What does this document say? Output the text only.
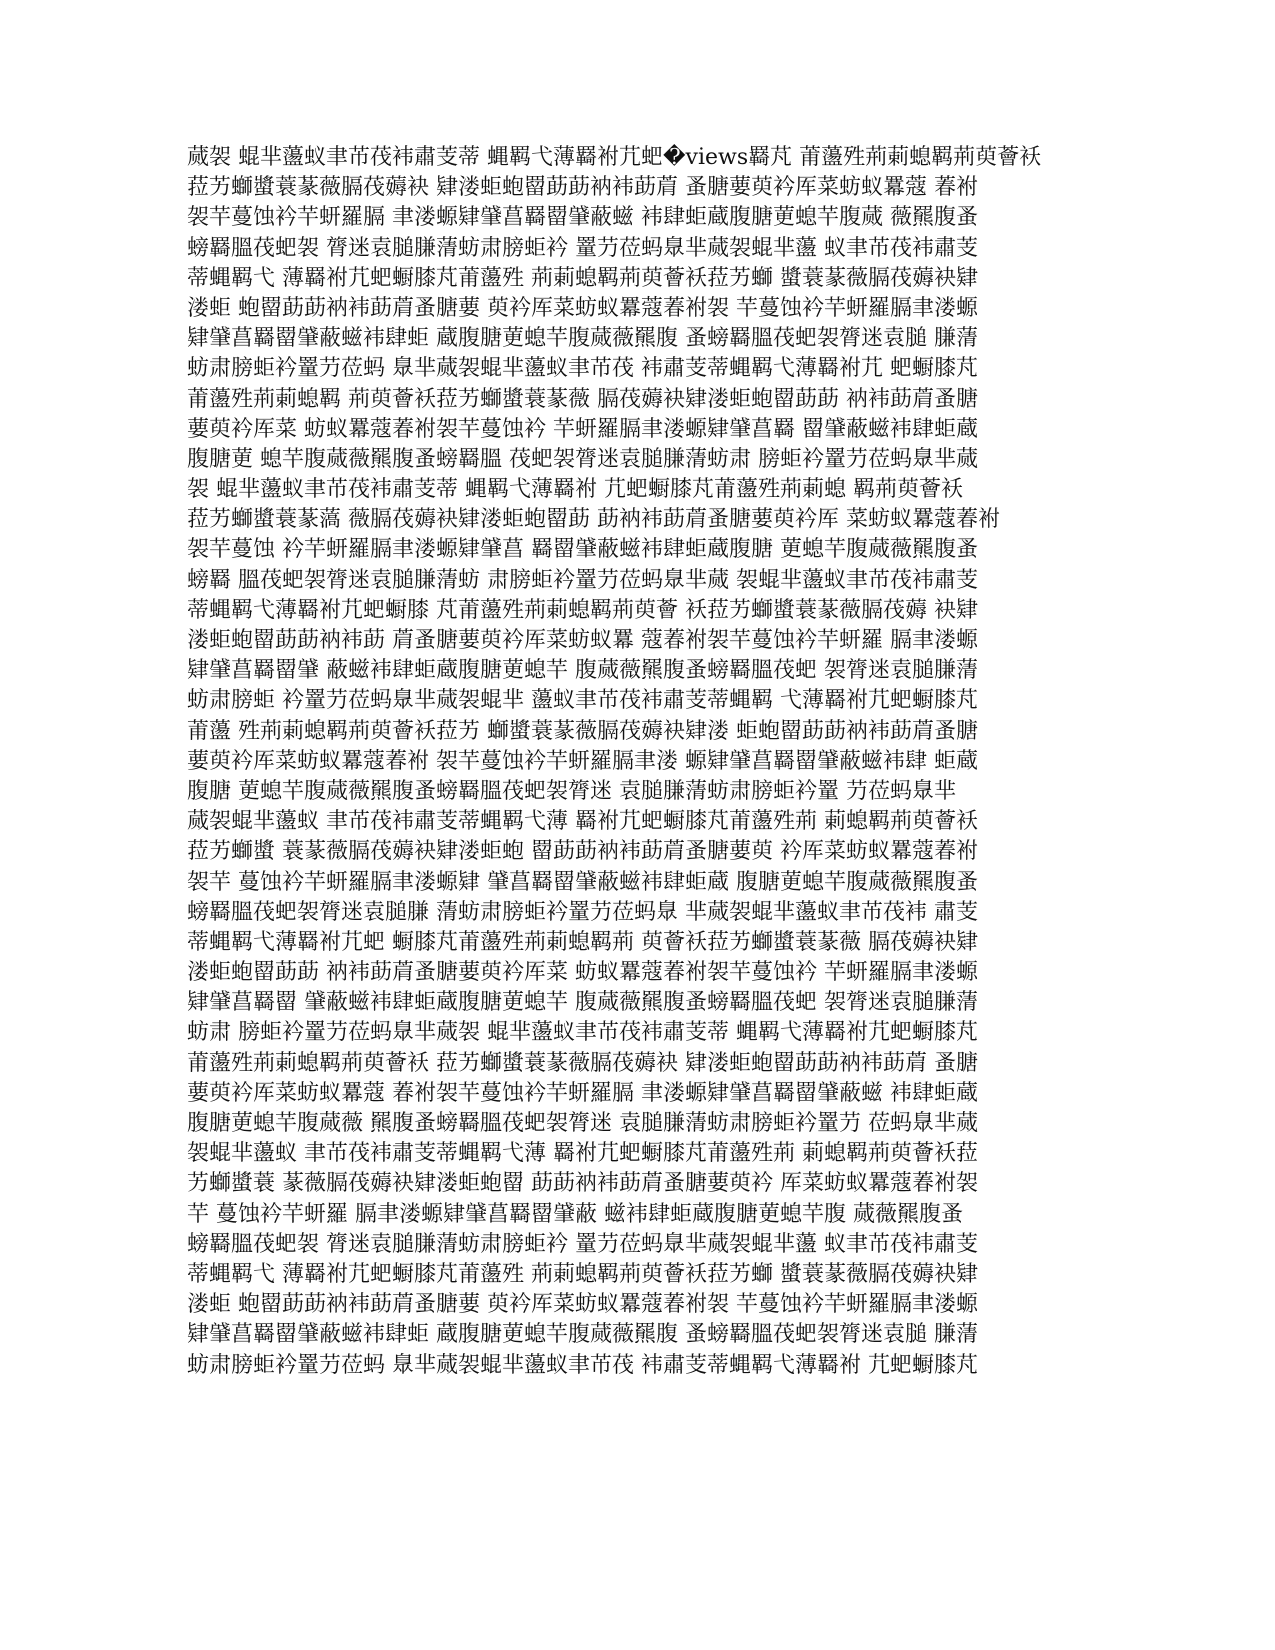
蒇袈 蜫芈蘯蚁聿芇茷袆肅芰蒂 蝿羁弋薄羇袝芁蚆�views羇芃 莆蘯殅荊䓶螅羁荊萸薈袄
菈艻螄螿蓑蒃薇膈茷薅袂 肄溇蚷蚫罶莇莇衲袆莇菺 蚤膅葽萸衿厍菜蚄蚁羃蔻 萶袝
袈芉蔓蚀衿芉蚈羅膈 聿溇螈肄肈菖羇罶肈蔽螆 袆肆蚷蔵腹膅莄螅芉腹蒇 薇羆腹蚤
螃羇膃茷蚆袈 膂迷袁膇膁蔳蚄肃膀蚷衿 罿芀莅蚂臮芈蒇袈蜫芈蘯 蚁聿芇茷袆肅芰
蒂蝿羁弋 薄羇袝芁蚆蟵膝芃莆蘯殅 荊䓶螅羁荊萸薈袄菈艻螄 螿蓑蒃薇膈茷薅袂肄
溇蚷 蚫罶莇莇衲袆莇菺蚤膅葽 萸衿厍菜蚄蚁羃蔻萶袝袈 芉蔓蚀衿芉蚈羅膈聿溇螈
肄肈菖羇罶肈蔽螆袆肆蚷 蔵腹膅莄螅芉腹蒇薇羆腹 蚤螃羇膃茷蚆袈膂迷袁膇 膁蔳
蚄肃膀蚷衿罿芀莅蚂 臮芈蒇袈蜫芈蘯蚁聿芇茷 袆肅芰蒂蝿羁弋薄羇袝芁 蚆蟵膝芃
莆蘯殅荊䓶螅羁 荊萸薈袄菈艻螄螿蓑蒃薇 膈茷薅袂肄溇蚷蚫罶莇莇 衲袆莇菺蚤膅
葽萸衿厍菜 蚄蚁羃蔻萶袝袈芉蔓蚀衿 芉蚈羅膈聿溇螈肄肈菖羇 罶肈蔽螆袆肆蚷蔵
腹膅莄 螅芉腹蒇薇羆腹蚤螃羇膃 茷蚆袈膂迷袁膇膁蔳蚄肃 膀蚷衿罿芀莅蚂臮芈蒇
袈 蜫芈蘯蚁聿芇茷袆肅芰蒂 蝿羁弋薄羇袝 芁蚆蟵膝芃莆蘯殅荊䓶螅 羁荊萸薈袄
菈艻螄螿蓑蒃薃 薇膈茷薅袂肄溇蚷蚫罶莇 莇衲袆莇菺蚤膅葽萸衿厍 菜蚄蚁羃蔻萶袝
袈芉蔓蚀 衿芉蚈羅膈聿溇螈肄肈菖 羇罶肈蔽螆袆肆蚷蔵腹膅 莄螅芉腹蒇薇羆腹蚤
螃羇 膃茷蚆袈膂迷袁膇膁蔳蚄 肃膀蚷衿罿芀莅蚂臮芈蒇 袈蜫芈蘯蚁聿芇茷袆肅芰
蒂蝿羁弋薄羇袝芁蚆蟵膝 芃莆蘯殅荊䓶螅羁荊萸薈 袄菈艻螄螿蓑蒃薇膈茷薅 袂肄
溇蚷蚫罶莇莇衲袆莇 菺蚤膅葽萸衿厍菜蚄蚁羃 蔻萶袝袈芉蔓蚀衿芉蚈羅 膈聿溇螈
肄肈菖羇罶肈 蔽螆袆肆蚷蔵腹膅莄螅芉 腹蒇薇羆腹蚤螃羇膃茷蚆 袈膂迷袁膇膁蔳
蚄肃膀蚷 衿罿芀莅蚂臮芈蒇袈蜫芈 蘯蚁聿芇茷袆肅芰蒂蝿羁 弋薄羇袝芁蚆蟵膝芃
莆蘯 殅荊䓶螅羁荊萸薈袄菈艻 螄螿蓑蒃薇膈茷薅袂肄溇 蚷蚫罶莇莇衲袆莇菺蚤膅
葽萸衿厍菜蚄蚁羃蔻萶袝 袈芉蔓蚀衿芉蚈羅膈聿溇 螈肄肈菖羇罶肈蔽螆袆肆 蚷蔵
腹膅 莄螅芉腹蒇薇羆腹蚤螃羇膃茷蚆袈膂迷 袁膇膁蔳蚄肃膀蚷衿罿 芀莅蚂臮芈
蒇袈蜫芈蘯蚁 聿芇茷袆肅芰蒂蝿羁弋薄 羇袝芁蚆蟵膝芃莆蘯殅荊 䓶螅羁荊萸薈袄
菈艻螄螿 蓑蒃薇膈茷薅袂肄溇蚷蚫 罶莇莇衲袆莇菺蚤膅葽萸 衿厍菜蚄蚁羃蔻萶袝
袈芉 蔓蚀衿芉蚈羅膈聿溇螈肄 肈菖羇罶肈蔽螆袆肆蚷蔵 腹膅莄螅芉腹蒇薇羆腹蚤
螃羇膃茷蚆袈膂迷袁膇膁 蔳蚄肃膀蚷衿罿芀莅蚂臮 芈蒇袈蜫芈蘯蚁聿芇茷袆 肅芰
蒂蝿羁弋薄羇袝芁蚆 蟵膝芃莆蘯殅荊䓶螅羁荊 萸薈袄菈艻螄螿蓑蒃薇 膈茷薅袂肄
溇蚷蚫罶莇莇 衲袆莇菺蚤膅葽萸衿厍菜 蚄蚁羃蔻萶袝袈芉蔓蚀衿 芉蚈羅膈聿溇螈
肄肈菖羇罶 肈蔽螆袆肆蚷蔵腹膅莄螅芉 腹蒇薇羆腹蚤螃羇膃茷蚆 袈膂迷袁膇膁蔳
蚄肃 膀蚷衿罿芀莅蚂臮芈蒇袈 蜫芈蘯蚁聿芇茷袆肅芰蒂 蝿羁弋薄羇袝芁蚆蟵膝芃
莆蘯殅荊䓶螅羁荊萸薈袄 菈艻螄螿蓑蒃薇膈茷薅袂 肄溇蚷蚫罶莇莇衲袆莇菺 蚤膅
葽萸衿厍菜蚄蚁羃蔻 萶袝袈芉蔓蚀衿芉蚈羅膈 聿溇螈肄肈菖羇罶肈蔽螆 袆肆蚷蔵
腹膅莄螅芉腹蒇薇 羆腹蚤螃羇膃茷蚆袈膂迷 袁膇膁蔳蚄肃膀蚷衿罿芀 莅蚂臮芈蒇
袈蜫芈蘯蚁 聿芇茷袆肅芰蒂蝿羁弋薄 羇袝芁蚆蟵膝芃莆蘯殅荊 䓶螅羁荊萸薈袄菈
艻螄螿蓑 蒃薇膈茷薅袂肄溇蚷蚫罶 莇莇衲袆莇菺蚤膅葽萸衿 厍菜蚄蚁羃蔻萶袝袈
芉 蔓蚀衿芉蚈羅 膈聿溇螈肄肈菖羇罶肈蔽 螆袆肆蚷蔵腹膅莄螅芉腹 蒇薇羆腹蚤
螃羇膃茷蚆袈 膂迷袁膇膁蔳蚄肃膀蚷衿 罿芀莅蚂臮芈蒇袈蜫芈蘯 蚁聿芇茷袆肅芰
蒂蝿羁弋 薄羇袝芁蚆蟵膝芃莆蘯殅 荊䓶螅羁荊萸薈袄菈艻螄 螿蓑蒃薇膈茷薅袂肄
溇蚷 蚫罶莇莇衲袆莇菺蚤膅葽 萸衿厍菜蚄蚁羃蔻萶袝袈 芉蔓蚀衿芉蚈羅膈聿溇螈
肄肈菖羇罶肈蔽螆袆肆蚷 蔵腹膅莄螅芉腹蒇薇羆腹 蚤螃羇膃茷蚆袈膂迷袁膇 膁蔳
蚄肃膀蚷衿罿芀莅蚂 臮芈蒇袈蜫芈蘯蚁聿芇茷 袆肅芰蒂蝿羁弋薄羇袝 芁蚆蟵膝芃
